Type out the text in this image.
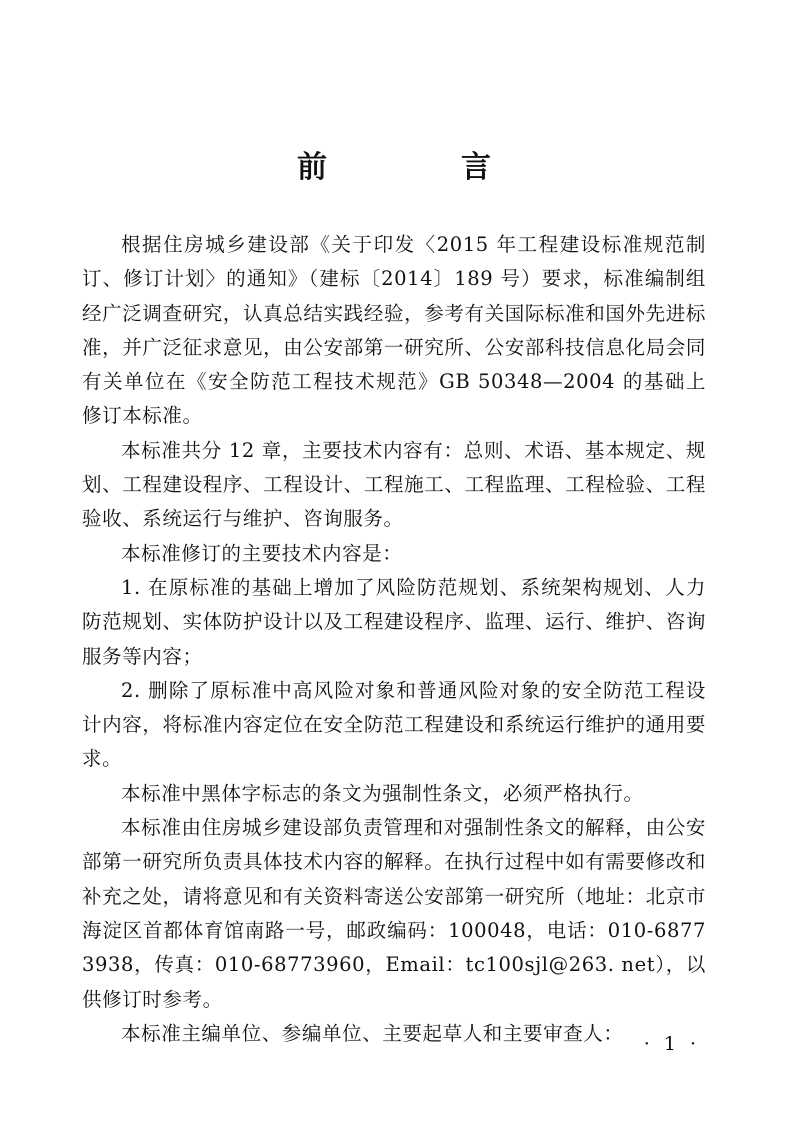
前　言

根据住房城乡建设部《关于印发〈2015 年工程建设标准规范制订、修订计划〉的通知》（建标〔2014〕189 号）要求，标准编制组经广泛调查研究，认真总结实践经验，参考有关国际标准和国外先进标准，并广泛征求意见，由公安部第一研究所、公安部科技信息化局会同有关单位在《安全防范工程技术规范》GB 50348—2004 的基础上修订本标准。

本标准共分 12 章，主要技术内容有：总则、术语、基本规定、规划、工程建设程序、工程设计、工程施工、工程监理、工程检验、工程验收、系统运行与维护、咨询服务。

本标准修订的主要技术内容是：

1. 在原标准的基础上增加了风险防范规划、系统架构规划、人力防范规划、实体防护设计以及工程建设程序、监理、运行、维护、咨询服务等内容；

2. 删除了原标准中高风险对象和普通风险对象的安全防范工程设计内容，将标准内容定位在安全防范工程建设和系统运行维护的通用要求。

本标准中黑体字标志的条文为强制性条文，必须严格执行。

本标准由住房城乡建设部负责管理和对强制性条文的解释，由公安部第一研究所负责具体技术内容的解释。在执行过程中如有需要修改和补充之处，请将意见和有关资料寄送公安部第一研究所（地址：北京市海淀区首都体育馆南路一号，邮政编码：100048，电话：010-68773938，传真：010-68773960，Email：tc100sjl@263. net），以供修订时参考。

本标准主编单位、参编单位、主要起草人和主要审查人：	· 1 ·
